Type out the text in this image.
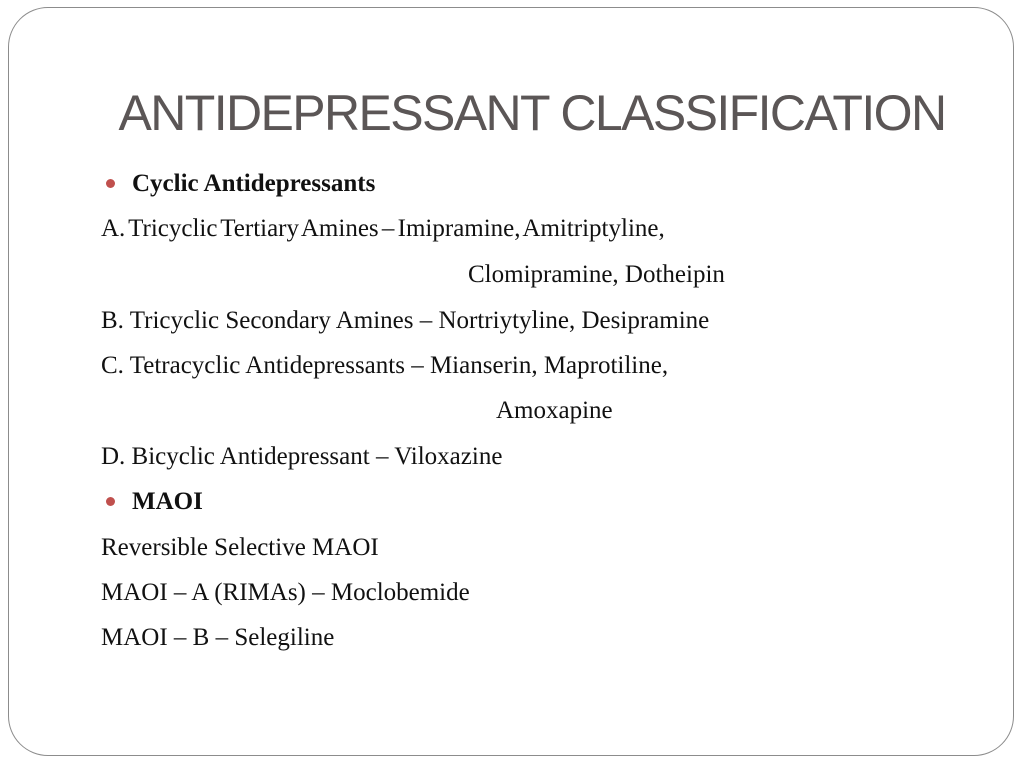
ANTIDEPRESSANT CLASSIFICATION

Cyclic Antidepressants

A. Tricyclic Tertiary Amines – Imipramine, Amitriptyline,

Clomipramine, Dotheipin

B. Tricyclic Secondary Amines – Nortriytyline, Desipramine

C. Tetracyclic Antidepressants – Mianserin, Maprotiline,

Amoxapine

D. Bicyclic Antidepressant – Viloxazine

MAOI

Reversible Selective MAOI

MAOI – A (RIMAs) – Moclobemide

MAOI – B – Selegiline
